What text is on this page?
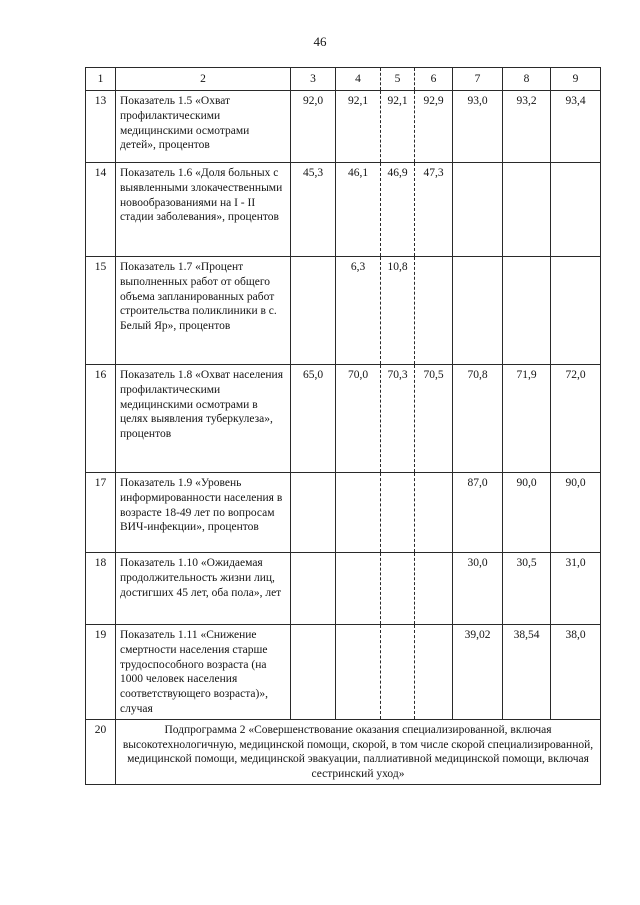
46
1	2	3	4	5	6	7	8	9
13	Показатель 1.5 «Охват профилактическими медицинскими осмотрами детей», процентов	92,0	92,1	92,1	92,9	93,0	93,2	93,4
14	Показатель 1.6 «Доля больных с выявленными злокачественными новообразованиями на I - II стадии заболевания», процентов	45,3	46,1	46,9	47,3			
15	Показатель 1.7 «Процент выполненных работ от общего объема запланированных работ строительства поликлиники в с. Белый Яр», процентов		6,3	10,8				
16	Показатель 1.8 «Охват населения профилактическими медицинскими осмотрами в целях выявления туберкулеза», процентов	65,0	70,0	70,3	70,5	70,8	71,9	72,0
17	Показатель 1.9 «Уровень информированности населения в возрасте 18-49 лет по вопросам ВИЧ-инфекции», процентов					87,0	90,0	90,0
18	Показатель 1.10 «Ожидаемая продолжительность жизни лиц, достигших 45 лет, оба пола», лет					30,0	30,5	31,0
19	Показатель 1.11 «Снижение смертности населения старше трудоспособного возраста (на 1000 человек населения соответствующего возраста)», случая					39,02	38,54	38,0
20	Подпрограмма 2 «Совершенствование оказания специализированной, включая высокотехнологичную, медицинской помощи, скорой, в том числе скорой специализированной, медицинской помощи, медицинской эвакуации, паллиативной медицинской помощи, включая сестринский уход»							
